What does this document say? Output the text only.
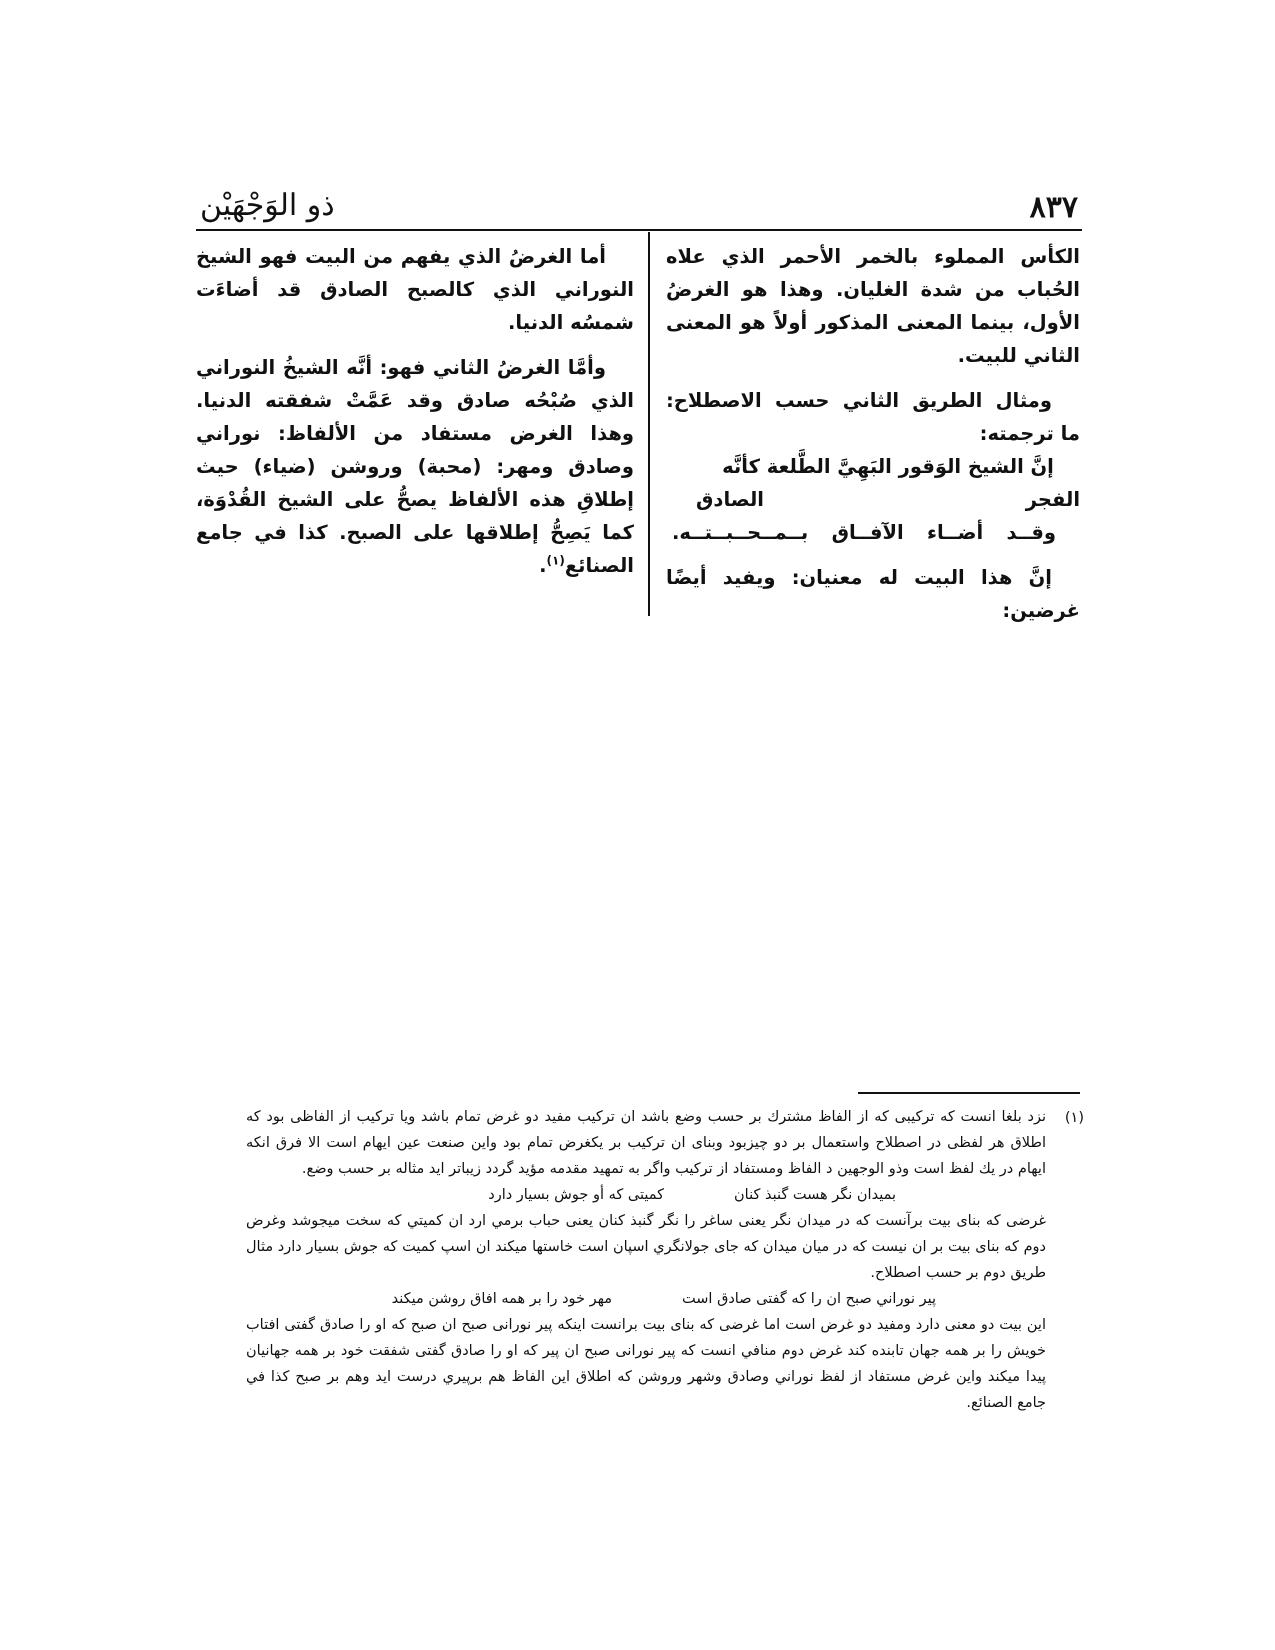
ذو الوَجْهَيْن	٨٣٧

الكأس المملوء بالخمر الأحمر الذي علاه الحُباب من شدة الغليان. وهذا هو الغرضُ الأول، بينما المعنى المذكور أولاً هو المعنى الثاني للبيت.

ومثال الطريق الثاني حسب الاصطلاح: ما ترجمته:

إنَّ الشيخ الوَقور البَهِيَّ الطَّلعة كأنَّه الفجر الصادق

وقــد أضــاء الآفــاق بــمــحــبــتــه.

إنَّ هذا البيت له معنيان: ويفيد أيضًا غرضين:

أما الغرضُ الذي يفهم من البيت فهو الشيخ النوراني الذي كالصبح الصادق قد أضاءَت شمسُه الدنيا.

وأمَّا الغرضُ الثاني فهو: أنَّه الشيخُ النوراني الذي صُبْحُه صادق وقد عَمَّتْ شفقته الدنيا. وهذا الغرض مستفاد من الألفاظ: نوراني وصادق ومهر: (محبة) وروشن (ضياء) حيث إطلاقِ هذه الألفاظ يصحُّ على الشيخ القُدْوَة، كما يَصِحُّ إطلاقها على الصبح. كذا في جامع الصنائع$^{(١)}$.

(١)

نزد بلغا انست كه تركيبى كه از الفاظ مشترك بر حسب وضع باشد ان تركيب مفيد دو غرض تمام باشد ويا تركيب از الفاظى بود كه اطلاق هر لفظى در اصطلاح واستعمال بر دو چيزبود وبناى ان تركيب بر يكغرض تمام بود واين صنعت عين ايهام است الا فرق انكه ايهام در يك لفظ است وذو الوجهين د الفاظ ومستفاد از تركيب واگر به تمهيد مقدمه مؤيد گردد زيباتر ايد مثاله بر حسب وضع.

بميدان نگر هست گنبذ كنان
كميتى كه أو جوش بسيار دارد

غرضى كه بناى بيت برآنست كه در ميدان نگر يعنى ساغر را نگر گنبذ كنان يعنى حباب برمي ارد ان كميتي كه سخت ميجوشد وغرض دوم كه بناى بيت بر ان نيست كه در ميان ميدان كه جاى جولانگري اسپان است خاستها ميكند ان اسپ كميت كه جوش بسيار دارد مثال طريق دوم بر حسب اصطلاح.

پير نوراني صبح ان را كه گفتى صادق است
مهر خود را بر همه افاق روشن ميكند

اين بيت دو معنى دارد ومفيد دو غرض است اما غرضى كه بناى بيت برانست اينكه پير نورانى صبح ان صبح كه او را صادق گفتى افتاب خويش را بر همه جهان تابنده كند غرض دوم منافي انست كه پير نورانى صبح ان پير كه او را صادق گفتى شفقت خود بر همه جهانيان پيدا ميكند واين غرض مستفاد از لفظ نوراني وصادق وشهر وروشن كه اطلاق اين الفاظ هم برپيري درست ايد وهم بر صبح كذا في جامع الصنائع.
